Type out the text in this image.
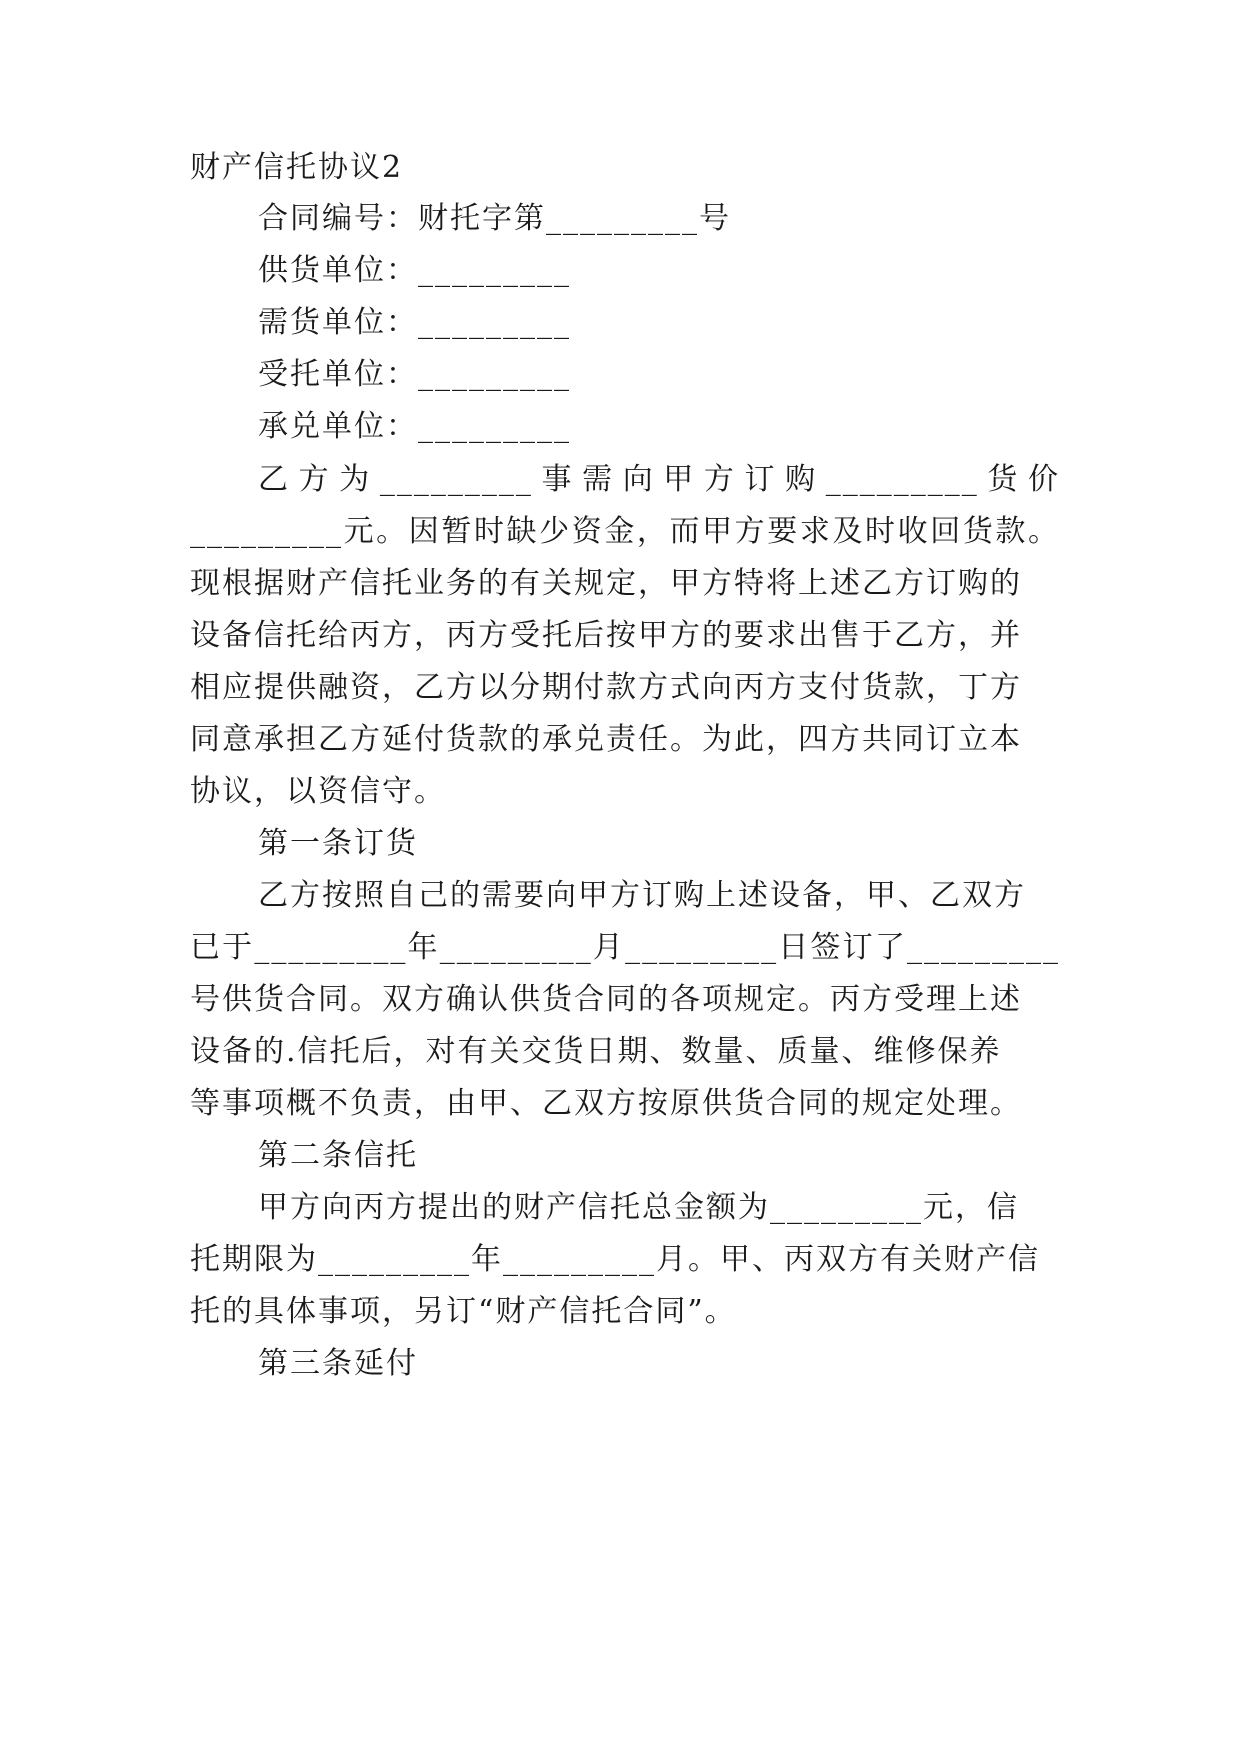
财产信托协议2
合同编号：财托字第_________号
供货单位：_________
需货单位：_________
受托单位：_________
承兑单位：_________
乙方为_________事需向甲方订购_________货价
_________元。因暂时缺少资金，而甲方要求及时收回货款。
现根据财产信托业务的有关规定，甲方特将上述乙方订购的
设备信托给丙方，丙方受托后按甲方的要求出售于乙方，并
相应提供融资，乙方以分期付款方式向丙方支付货款，丁方
同意承担乙方延付货款的承兑责任。为此，四方共同订立本
协议，以资信守。
第一条订货
乙方按照自己的需要向甲方订购上述设备，甲、乙双方
已于_________年_________月_________日签订了_________
号供货合同。双方确认供货合同的各项规定。丙方受理上述
设备的.信托后，对有关交货日期、数量、质量、维修保养
等事项概不负责，由甲、乙双方按原供货合同的规定处理。
第二条信托
甲方向丙方提出的财产信托总金额为_________元，信
托期限为_________年_________月。甲、丙双方有关财产信
托的具体事项，另订“财产信托合同”。
第三条延付
